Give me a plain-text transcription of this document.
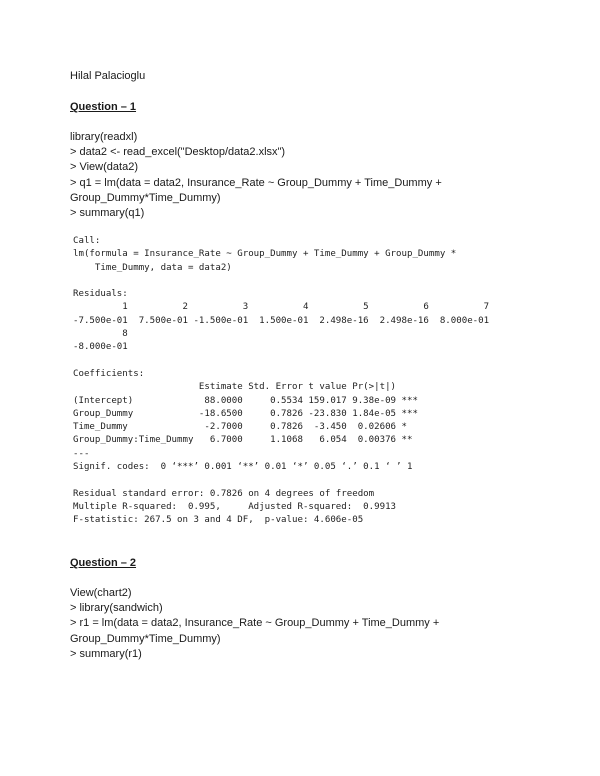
Hilal Palacioglu
Question – 1
library(readxl)
> data2 <- read_excel("Desktop/data2.xlsx")
> View(data2)
> q1 = lm(data = data2, Insurance_Rate ~ Group_Dummy + Time_Dummy +
Group_Dummy*Time_Dummy)
> summary(q1)
Call:
lm(formula = Insurance_Rate ~ Group_Dummy + Time_Dummy + Group_Dummy *
Time_Dummy, data = data2)
Residuals:
1          2          3          4          5          6          7
-7.500e-01  7.500e-01 -1.500e-01  1.500e-01  2.498e-16  2.498e-16  8.000e-01
8
-8.000e-01
Coefficients:
Estimate Std. Error t value Pr(>|t|)
(Intercept)             88.0000     0.5534 159.017 9.38e-09 ***
Group_Dummy            -18.6500     0.7826 -23.830 1.84e-05 ***
Time_Dummy              -2.7000     0.7826  -3.450  0.02606 *
Group_Dummy:Time_Dummy   6.7000     1.1068   6.054  0.00376 **
---
Signif. codes:  0 ‘***’ 0.001 ‘**’ 0.01 ‘*’ 0.05 ‘.’ 0.1 ‘ ’ 1
Residual standard error: 0.7826 on 4 degrees of freedom
Multiple R-squared:  0.995,	Adjusted R-squared:  0.9913
F-statistic: 267.5 on 3 and 4 DF,  p-value: 4.606e-05
Question – 2
View(chart2)
> library(sandwich)
> r1 = lm(data = data2, Insurance_Rate ~ Group_Dummy + Time_Dummy +
Group_Dummy*Time_Dummy)
> summary(r1)
